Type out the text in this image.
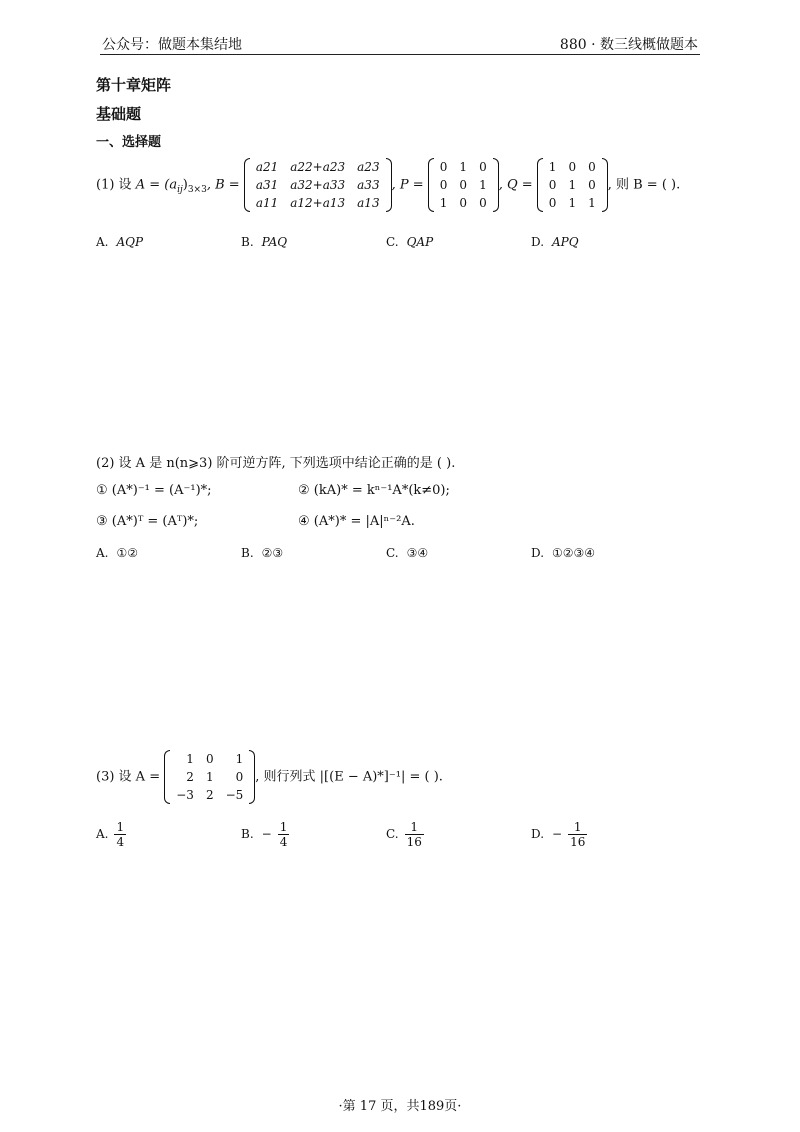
公众号：做题本集结地	880 · 数三线概做题本
第十章矩阵
基础题
一、选择题
(1) 设 $A = (a_{ij})_{3\times 3}$, B =
a21	a22+a23	a23
a31	a32+a33	a33
a11	a12+a13	a13
, P =
0	1	0
0	0	1
1	0	0
, Q =
1	0	0
0	1	0
0	1	1
, 则 B = ( ).
A. AQP	B. PAQ	C. QAP	D. APQ
(2) 设 A 是 n(n⩾3) 阶可逆方阵, 下列选项中结论正确的是 ( ).
① (A*)⁻¹ = (A⁻¹)*;	② (kA)* = kⁿ⁻¹A*(k≠0);
③ (A*)ᵀ = (Aᵀ)*;	④ (A*)* = |A|ⁿ⁻²A.
A. ①②	B. ②③	C. ③④	D. ①②③④
(3) 设 A =
1	0	1
2	1	0
−3	2	−5
, 则行列式 |[(E − A)*]⁻¹| = ( ).
A. $\frac{1}{4}$	B. − $\frac{1}{4}$	C. $\frac{1}{16}$	D. − $\frac{1}{16}$
·第 17 页，共189页·
